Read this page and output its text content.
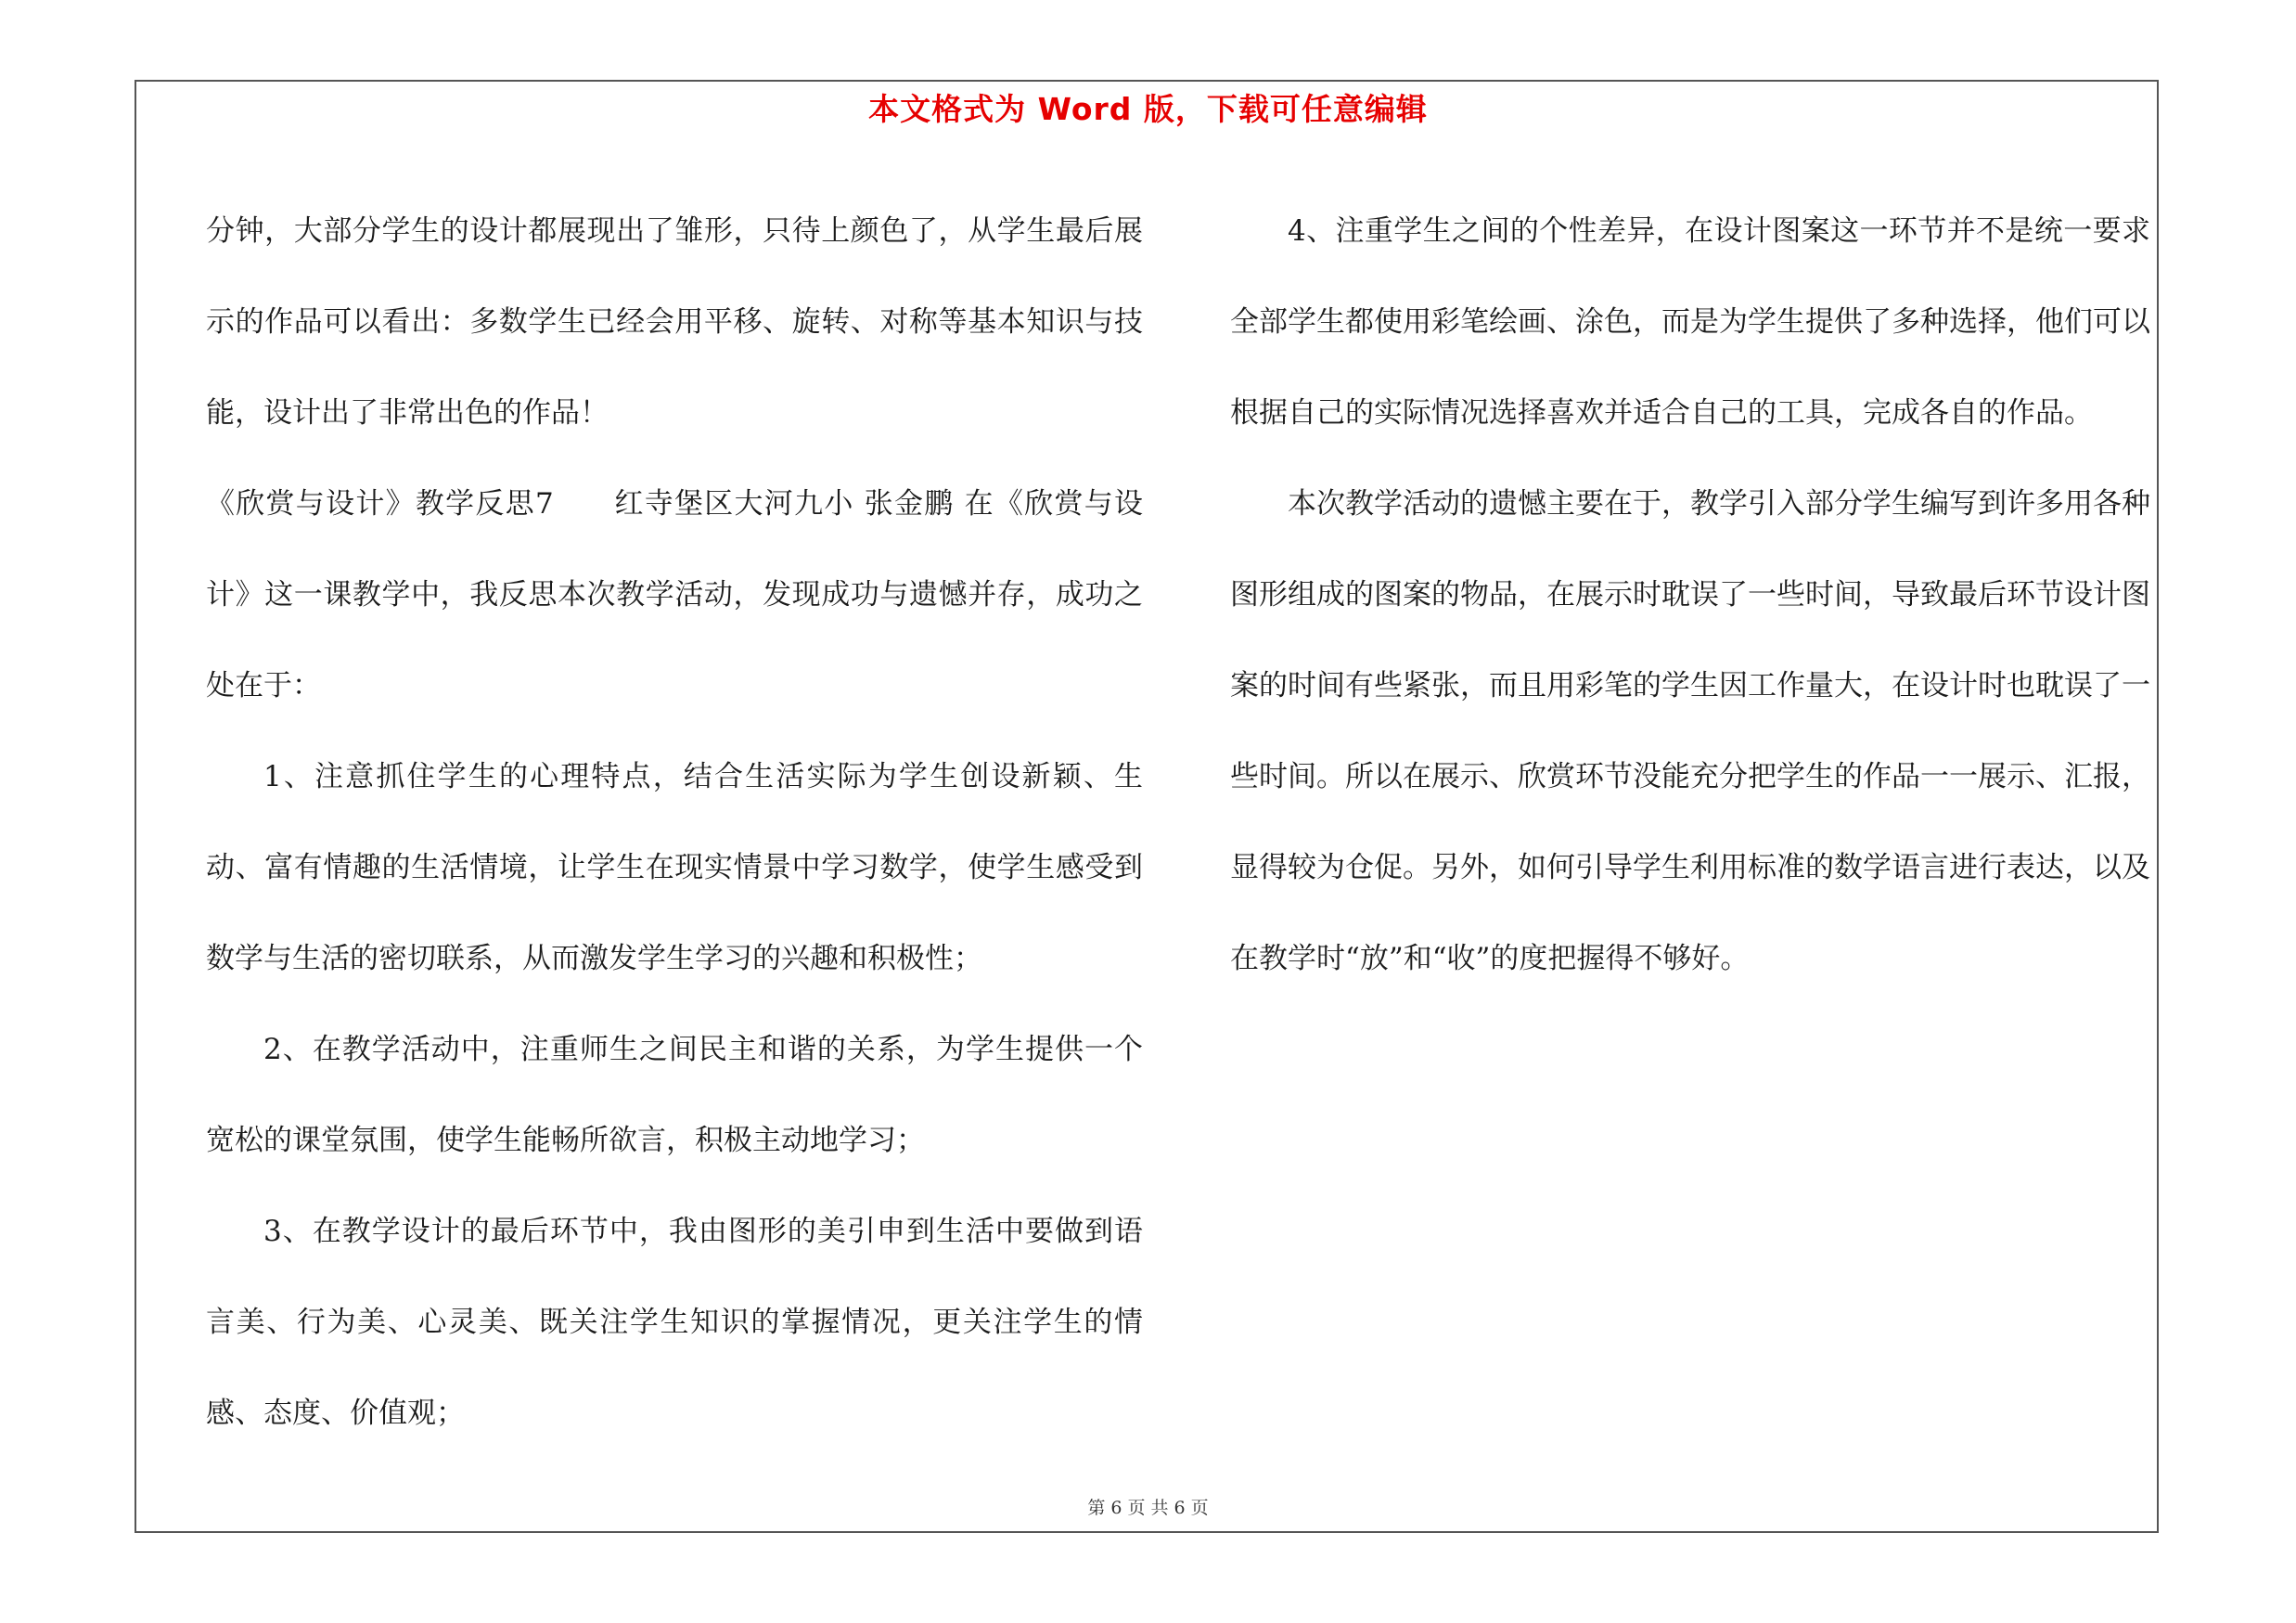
本文格式为 Word 版，下载可任意编辑

分钟，大部分学生的设计都展现出了雏形，只待上颜色了，从学生最后展示的作品可以看出：多数学生已经会用平移、旋转、对称等基本知识与技能，设计出了非常出色的作品！

《欣赏与设计》教学反思7　　红寺堡区大河九小 张金鹏 在《欣赏与设计》这一课教学中，我反思本次教学活动，发现成功与遗憾并存，成功之处在于：

1、注意抓住学生的心理特点，结合生活实际为学生创设新颖、生动、富有情趣的生活情境，让学生在现实情景中学习数学，使学生感受到数学与生活的密切联系，从而激发学生学习的兴趣和积极性；

2、在教学活动中，注重师生之间民主和谐的关系，为学生提供一个宽松的课堂氛围，使学生能畅所欲言，积极主动地学习；

3、在教学设计的最后环节中，我由图形的美引申到生活中要做到语言美、行为美、心灵美、既关注学生知识的掌握情况，更关注学生的情感、态度、价值观；

4、注重学生之间的个性差异，在设计图案这一环节并不是统一要求全部学生都使用彩笔绘画、涂色，而是为学生提供了多种选择，他们可以根据自己的实际情况选择喜欢并适合自己的工具，完成各自的作品。

本次教学活动的遗憾主要在于，教学引入部分学生编写到许多用各种图形组成的图案的物品，在展示时耽误了一些时间，导致最后环节设计图案的时间有些紧张，而且用彩笔的学生因工作量大，在设计时也耽误了一些时间。所以在展示、欣赏环节没能充分把学生的作品一一展示、汇报，显得较为仓促。另外，如何引导学生利用标准的数学语言进行表达，以及在教学时“放”和“收”的度把握得不够好。

第 6 页 共 6 页
